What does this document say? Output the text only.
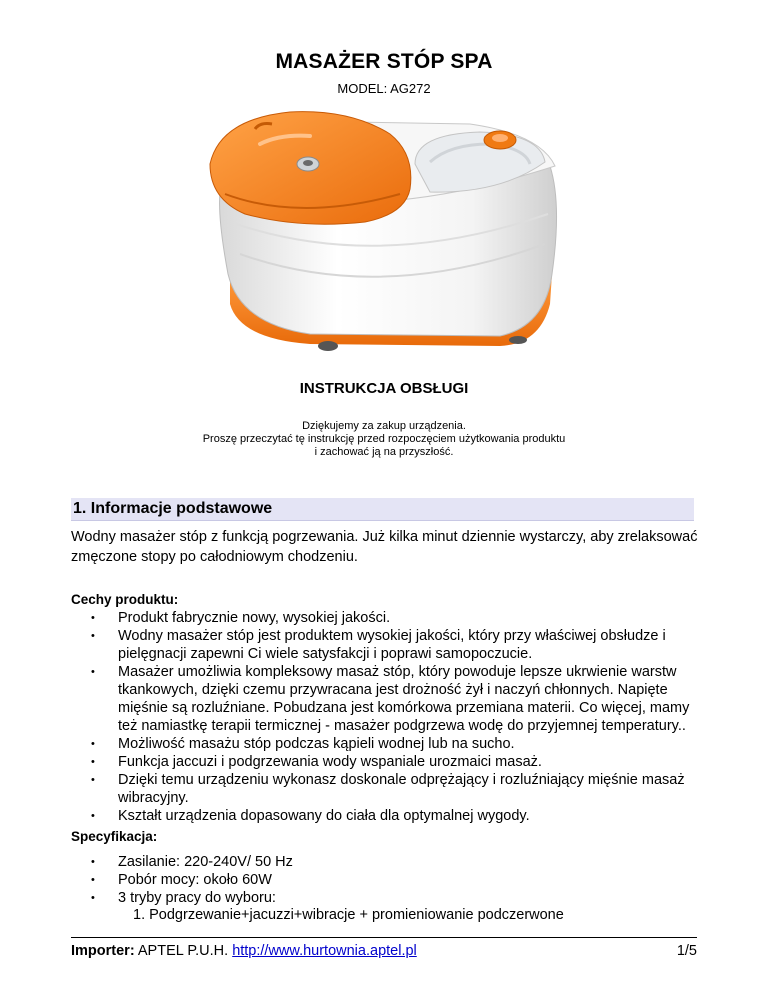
MASAŻER STÓP SPA
MODEL: AG272
INSTRUKCJA OBSŁUGI
Dziękujemy za zakup urządzenia.
Proszę przeczytać tę instrukcję przed rozpoczęciem użytkowania produktu
i zachować ją na przyszłość.
1. Informacje podstawowe
Wodny masażer stóp z funkcją pogrzewania. Już kilka minut dziennie wystarczy, aby zrelaksować zmęczone stopy po całodniowym chodzeniu.
Cechy produktu:
• Produkt fabrycznie nowy, wysokiej jakości.
• Wodny masażer stóp jest produktem wysokiej jakości, który przy właściwej obsłudze i pielęgnacji zapewni Ci wiele satysfakcji i poprawi samopoczucie.
• Masażer umożliwia kompleksowy masaż stóp, który powoduje lepsze ukrwienie warstw tkankowych, dzięki czemu przywracana jest drożność żył i naczyń chłonnych. Napięte mięśnie są rozluźniane. Pobudzana jest komórkowa przemiana materii. Co więcej, mamy też namiastkę terapii termicznej - masażer podgrzewa wodę do przyjemnej temperatury..
• Możliwość masażu stóp podczas kąpieli wodnej lub na sucho.
• Funkcja jaccuzi i podgrzewania wody wspaniale urozmaici masaż.
• Dzięki temu urządzeniu wykonasz doskonale odprężający i rozluźniający mięśnie masaż wibracyjny.
• Kształt urządzenia dopasowany do ciała dla optymalnej wygody.
Specyfikacja:
• Zasilanie: 220-240V/ 50 Hz
• Pobór mocy: około 60W
• 3 tryby pracy do wyboru:
1. Podgrzewanie+jacuzzi+wibracje + promieniowanie podczerwone
Importer: APTEL P.U.H. http://www.hurtownia.aptel.pl	1/5
